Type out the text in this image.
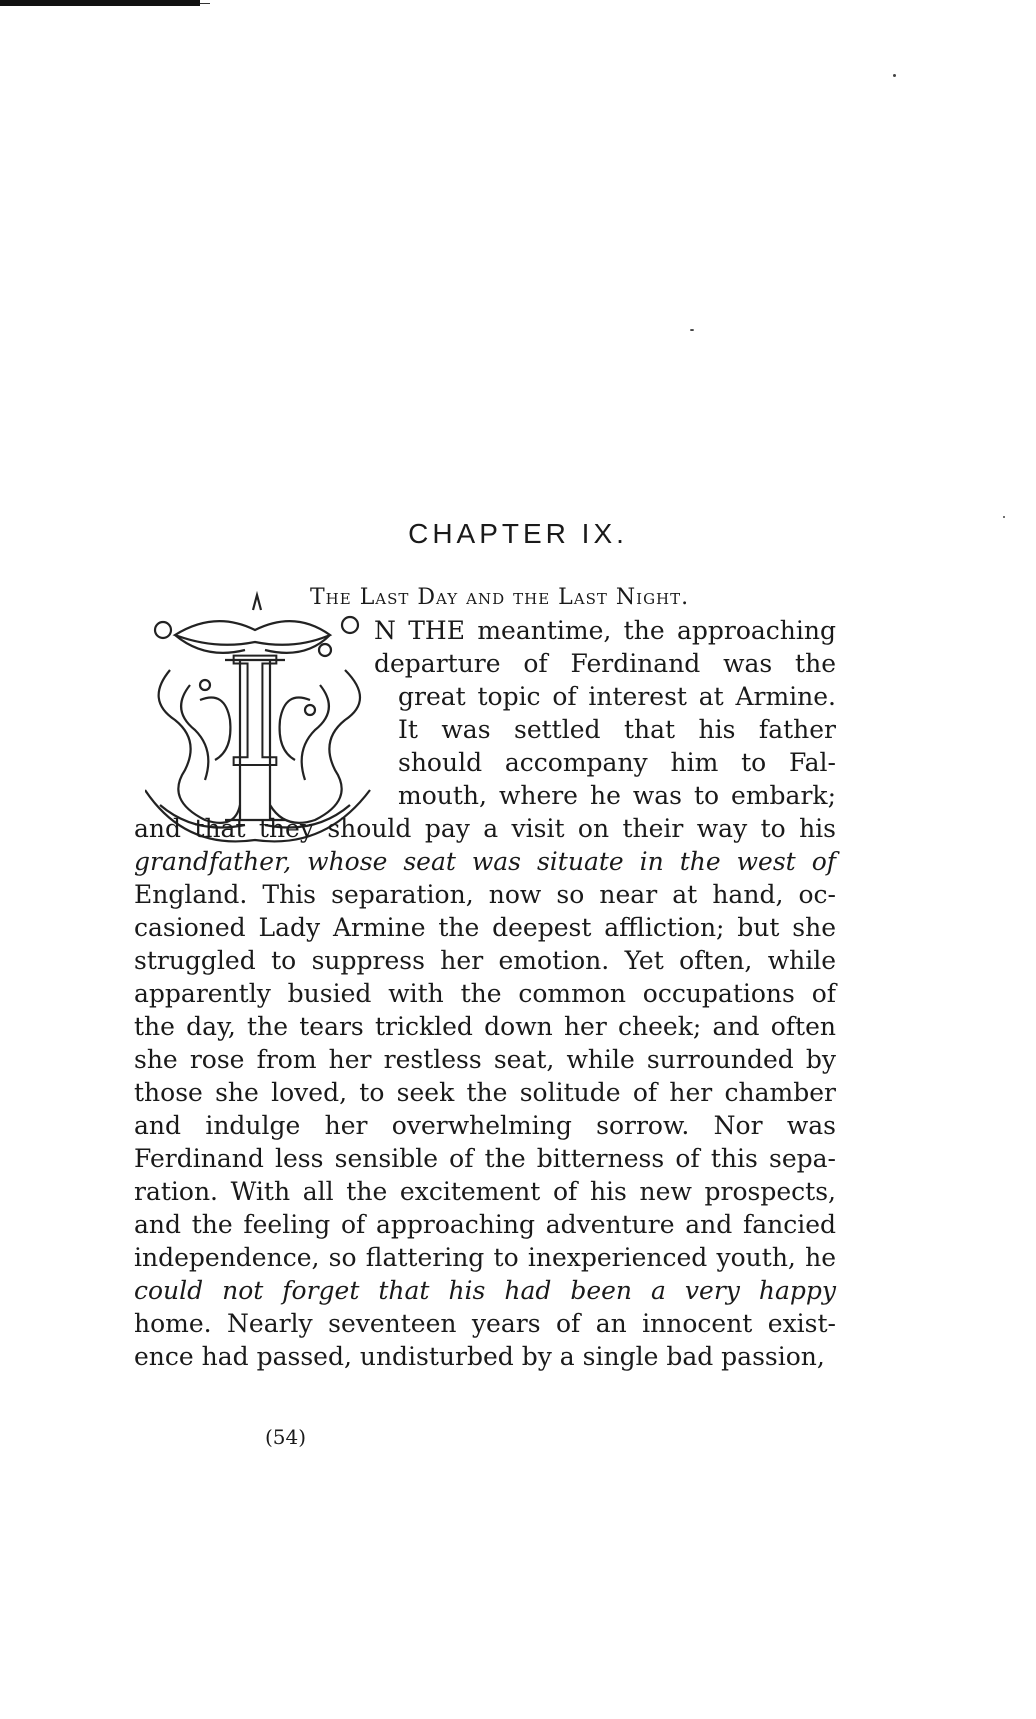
CHAPTER IX.
The Last Day and the Last Night.
I	N THE meantime, the approaching
departure of Ferdinand was the
great topic of interest at Armine.
It was settled that his father
should accompany him to Fal-
mouth, where he was to embark;
and that they should pay a visit on their way to his
grandfather, whose seat was situate in the west of
England. This separation, now so near at hand, oc-
casioned Lady Armine the deepest affliction; but she
struggled to suppress her emotion. Yet often, while
apparently busied with the common occupations of
the day, the tears trickled down her cheek; and often
she rose from her restless seat, while surrounded by
those she loved, to seek the solitude of her chamber
and indulge her overwhelming sorrow. Nor was
Ferdinand less sensible of the bitterness of this sepa-
ration. With all the excitement of his new prospects,
and the feeling of approaching adventure and fancied
independence, so flattering to inexperienced youth, he
could not forget that his had been a very happy
home. Nearly seventeen years of an innocent exist-
ence had passed, undisturbed by a single bad passion,
(54)
